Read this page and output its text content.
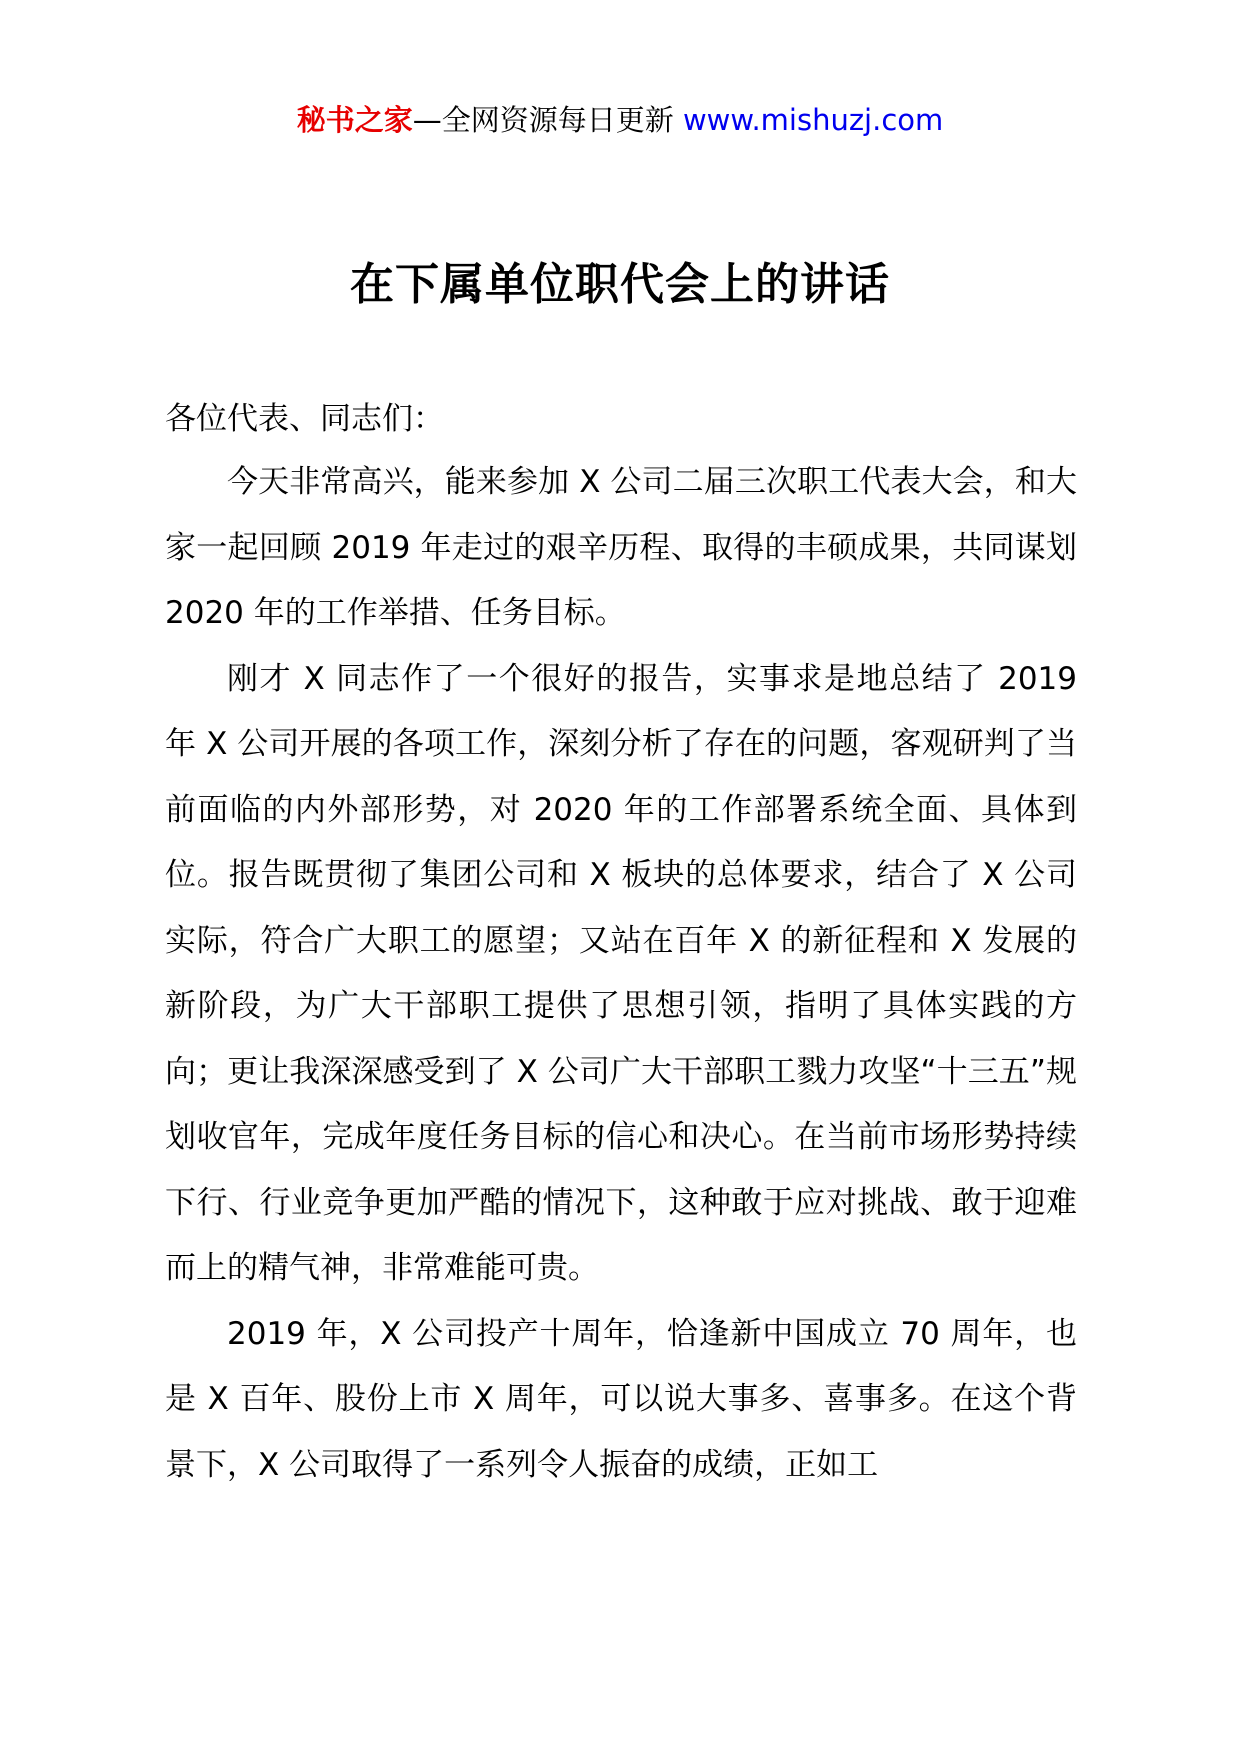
秘书之家—全网资源每日更新 www.mishuzj.com
在下属单位职代会上的讲话

各位代表、同志们：

今天非常高兴，能来参加 X 公司二届三次职工代表大会，和大家一起回顾 2019 年走过的艰辛历程、取得的丰硕成果，共同谋划 2020 年的工作举措、任务目标。

刚才 X 同志作了一个很好的报告，实事求是地总结了 2019 年 X 公司开展的各项工作，深刻分析了存在的问题，客观研判了当前面临的内外部形势，对 2020 年的工作部署系统全面、具体到位。报告既贯彻了集团公司和 X 板块的总体要求，结合了 X 公司实际，符合广大职工的愿望；又站在百年 X 的新征程和 X 发展的新阶段，为广大干部职工提供了思想引领，指明了具体实践的方向；更让我深深感受到了 X 公司广大干部职工戮力攻坚“十三五”规划收官年，完成年度任务目标的信心和决心。在当前市场形势持续下行、行业竞争更加严酷的情况下，这种敢于应对挑战、敢于迎难而上的精气神，非常难能可贵。

2019 年，X 公司投产十周年，恰逢新中国成立 70 周年，也是 X 百年、股份上市 X 周年，可以说大事多、喜事多。在这个背景下，X 公司取得了一系列令人振奋的成绩，正如工
